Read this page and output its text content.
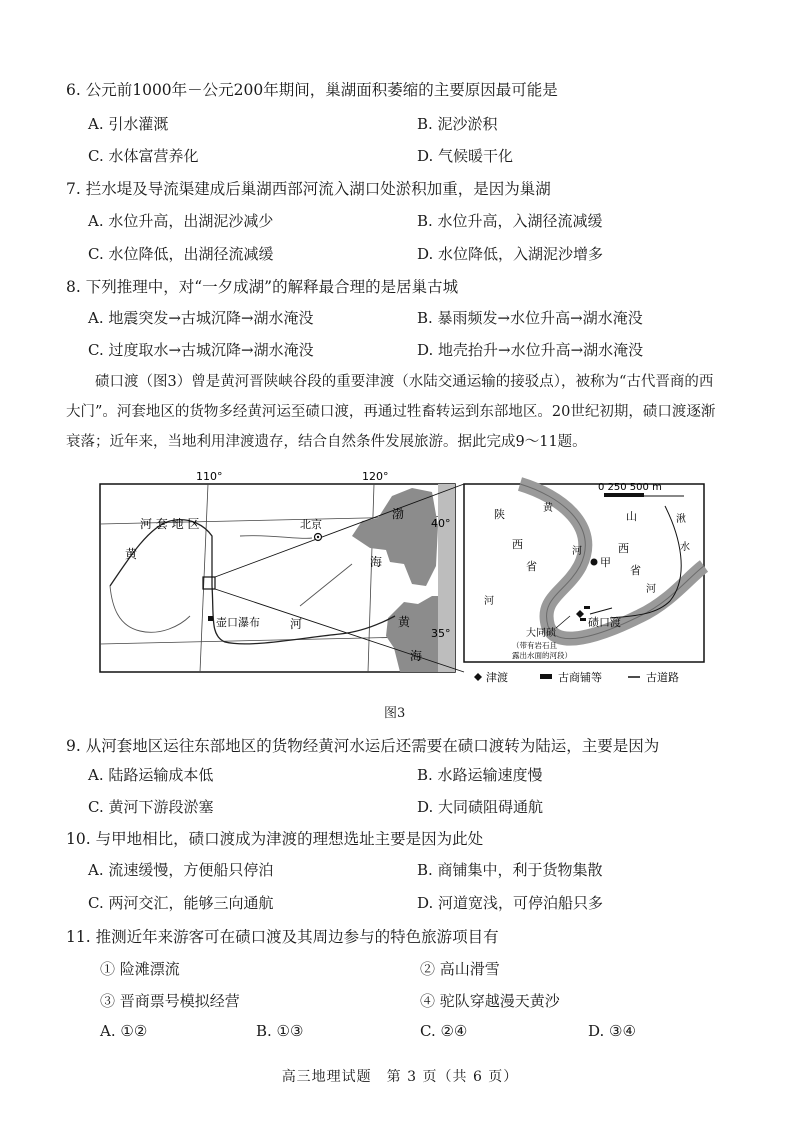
6. 公元前1000年－公元200年期间，巢湖面积萎缩的主要原因最可能是
A. 引水灌溉	B. 泥沙淤积
C. 水体富营养化	D. 气候暖干化
7. 拦水堤及导流渠建成后巢湖西部河流入湖口处淤积加重，是因为巢湖
A. 水位升高，出湖泥沙减少	B. 水位升高，入湖径流减缓
C. 水位降低，出湖径流减缓	D. 水位降低，入湖泥沙增多
8. 下列推理中，对“一夕成湖”的解释最合理的是居巢古城
A. 地震突发→古城沉降→湖水淹没	B. 暴雨频发→水位升高→湖水淹没
C. 过度取水→古城沉降→湖水淹没	D. 地壳抬升→水位升高→湖水淹没
碛口渡（图3）曾是黄河晋陕峡谷段的重要津渡（水陆交通运输的接驳点），被称为“古代晋商的西大门”。河套地区的货物多经黄河运至碛口渡，再通过牲畜转运到东部地区。20世纪初期，碛口渡逐渐衰落；近年来，当地利用津渡遗存，结合自然条件发展旅游。据此完成9～11题。
110°	120°
40°
35°
河 套 地 区	北京
黄
河
壶口瀑布
渤
海
黄
海
0 250 500 m
甲
碛口渡
陕
西
省
山
西
省
黄
河
湫
水
河
河
大同碛
（带有岩石且
露出水面的河段）
津渡	古商铺等	古道路
图3
9. 从河套地区运往东部地区的货物经黄河水运后还需要在碛口渡转为陆运，主要是因为
A. 陆路运输成本低	B. 水路运输速度慢
C. 黄河下游段淤塞	D. 大同碛阻碍通航
10. 与甲地相比，碛口渡成为津渡的理想选址主要是因为此处
A. 流速缓慢，方便船只停泊	B. 商铺集中，利于货物集散
C. 两河交汇，能够三向通航	D. 河道宽浅，可停泊船只多
11. 推测近年来游客可在碛口渡及其周边参与的特色旅游项目有
① 险滩漂流	② 高山滑雪
③ 晋商票号模拟经营	④ 驼队穿越漫天黄沙
A. ①②	B. ①③	C. ②④	D. ③④
高三地理试题　第 3 页（共 6 页）
